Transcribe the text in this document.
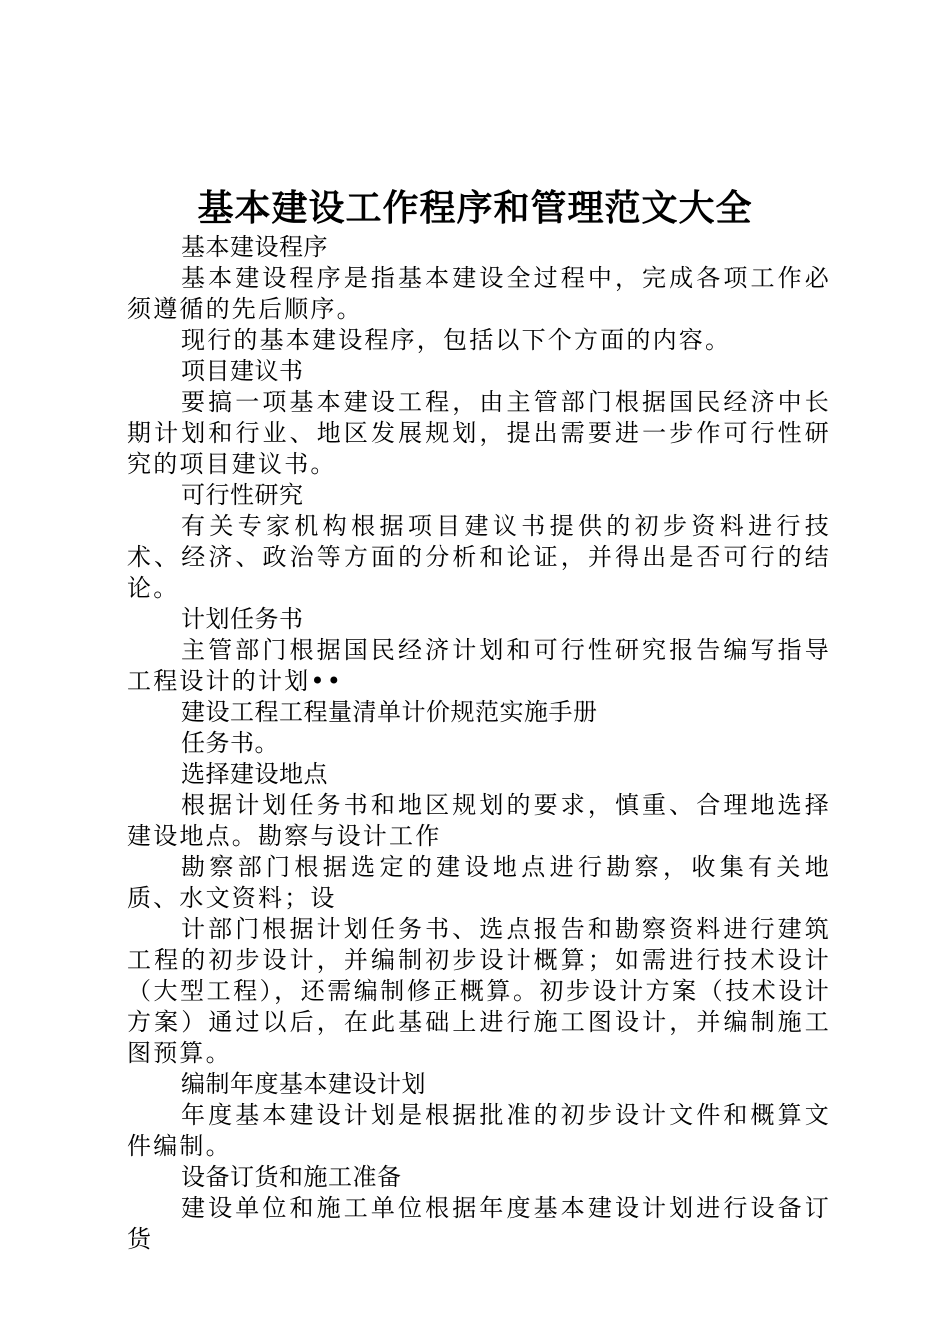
基本建设工作程序和管理范文大全

基本建设程序

基本建设程序是指基本建设全过程中，完成各项工作必须遵循的先后顺序。

现行的基本建设程序，包括以下个方面的内容。

项目建议书

要搞一项基本建设工程，由主管部门根据国民经济中长期计划和行业、地区发展规划，提出需要进一步作可行性研究的项目建议书。

可行性研究

有关专家机构根据项目建议书提供的初步资料进行技术、经济、政治等方面的分析和论证，并得出是否可行的结论。

计划任务书

主管部门根据国民经济计划和可行性研究报告编写指导工程设计的计划••

建设工程工程量清单计价规范实施手册

任务书。

选择建设地点

根据计划任务书和地区规划的要求，慎重、合理地选择建设地点。勘察与设计工作

勘察部门根据选定的建设地点进行勘察，收集有关地质、水文资料；设

计部门根据计划任务书、选点报告和勘察资料进行建筑工程的初步设计，并编制初步设计概算；如需进行技术设计（大型工程），还需编制修正概算。初步设计方案（技术设计方案）通过以后，在此基础上进行施工图设计，并编制施工图预算。

编制年度基本建设计划

年度基本建设计划是根据批准的初步设计文件和概算文件编制。

设备订货和施工准备

建设单位和施工单位根据年度基本建设计划进行设备订货
